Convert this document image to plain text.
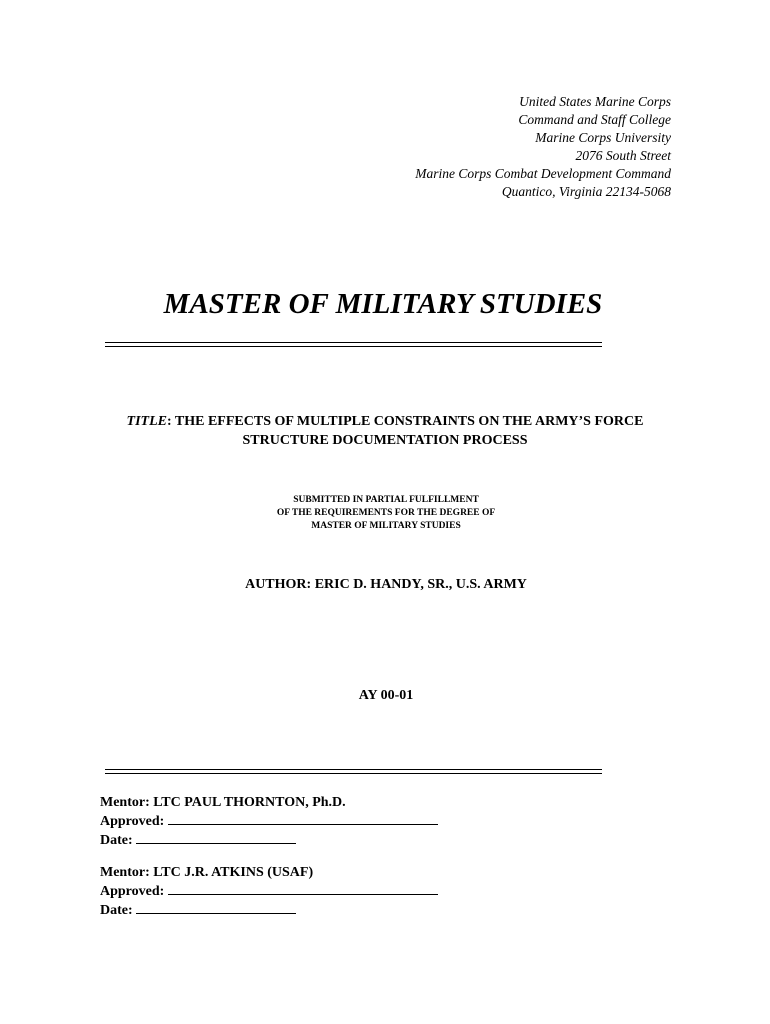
United States Marine Corps
Command and Staff College
Marine Corps University
2076 South Street
Marine Corps Combat Development Command
Quantico, Virginia 22134-5068
MASTER OF MILITARY STUDIES
TITLE: THE EFFECTS OF MULTIPLE CONSTRAINTS ON THE ARMY’S FORCE STRUCTURE DOCUMENTATION PROCESS
SUBMITTED IN PARTIAL FULFILLMENT
OF THE REQUIREMENTS FOR THE DEGREE OF
MASTER OF MILITARY STUDIES
AUTHOR: ERIC D. HANDY, SR., U.S. ARMY
AY 00-01
Mentor: LTC PAUL THORNTON, Ph.D.
Approved:
Date:
Mentor: LTC J.R. ATKINS (USAF)
Approved:
Date:
